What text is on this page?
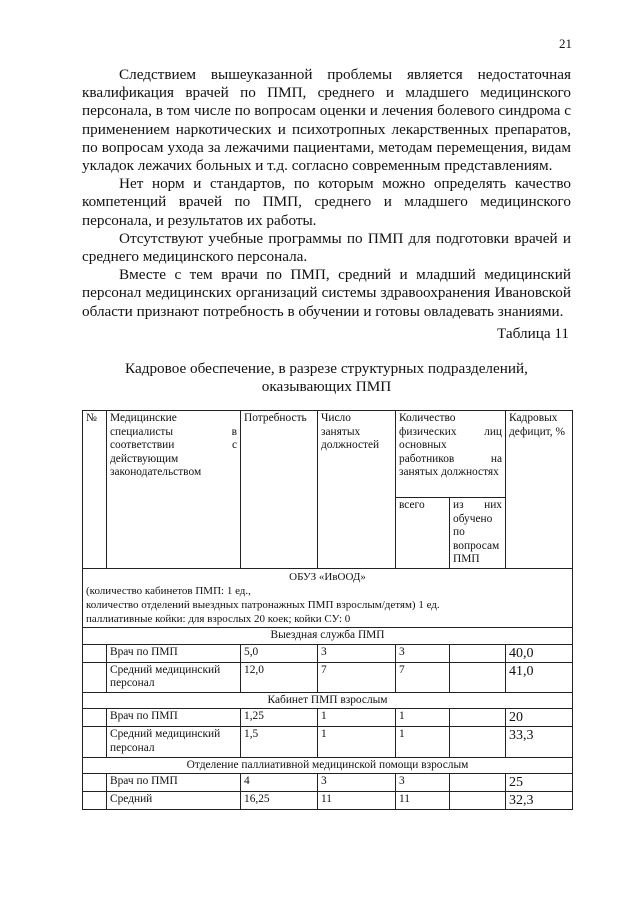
21

Следствием вышеуказанной проблемы является недостаточная квалификация врачей по ПМП, среднего и младшего медицинского персонала, в том числе по вопросам оценки и лечения болевого синдрома с применением наркотических и психотропных лекарственных препаратов, по вопросам ухода за лежачими пациентами, методам перемещения, видам укладок лежачих больных и т.д. согласно современным представлениям.

Нет норм и стандартов, по которым можно определять качество компетенций врачей по ПМП, среднего и младшего медицинского персонала, и результатов их работы.

Отсутствуют учебные программы по ПМП для подготовки врачей и среднего медицинского персонала.

Вместе с тем врачи по ПМП, средний и младший медицинский персонал медицинских организаций системы здравоохранения Ивановской области признают потребность в обучении и готовы овладевать знаниями.

Таблица 11
Кадровое обеспечение, в разрезе структурных подразделений,
оказывающих ПМП
№	Медицинские специалисты в соответствии с действующим законодательством	Потребность	Число занятых должностей	Количество физических лиц основных работников на занятых должностях		Кадровых дефицит, %
				всего	из них обучено по вопросам ПМП	

ОБУЗ «ИвООД»
(количество кабинетов ПМП: 1 ед.,
количество отделений выездных патронажных ПМП взрослым/детям) 1 ед.
паллиативные койки: для взрослых 20 коек; койки СУ: 0						

Выездная служба ПМП						
	Врач по ПМП	5,0	3	3		40,0
	Средний медицинский персонал	12,0	7	7		41,0
Кабинет ПМП взрослым						
	Врач по ПМП	1,25	1	1		20
	Средний медицинский персонал	1,5	1	1		33,3
Отделение паллиативной медицинской помощи взрослым						
	Врач по ПМП	4	3	3		25
	Средний	16,25	11	11		32,3
